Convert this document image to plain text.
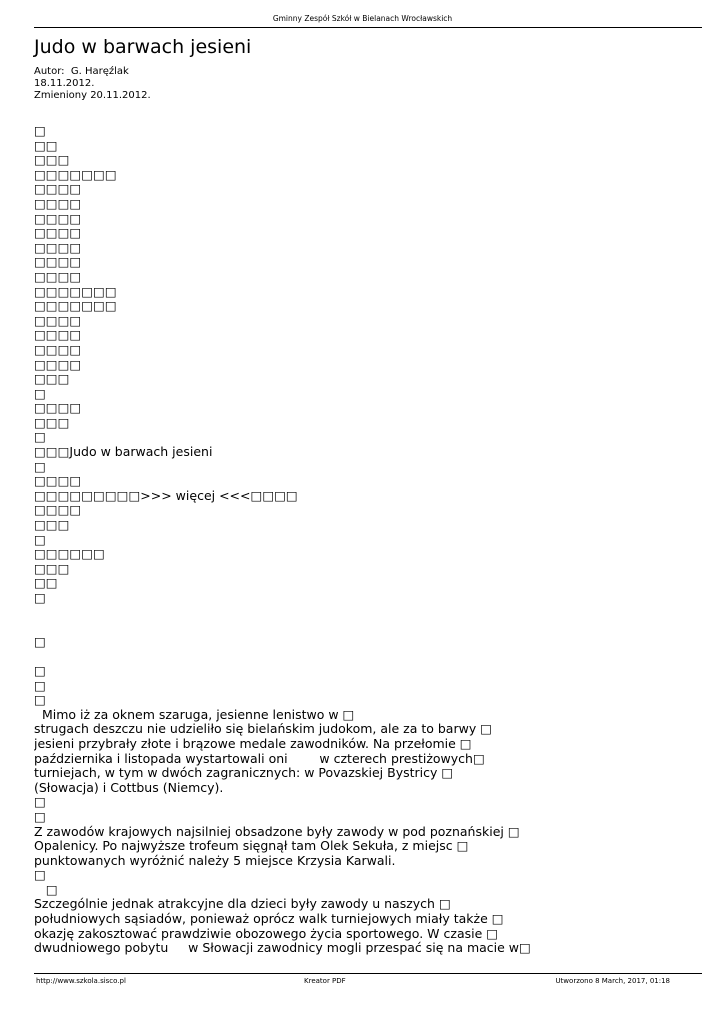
Gminny Zespół Szkół w Bielanach Wrocławskich
Judo w barwach jesieni
Autor:  G. Haręźlak
18.11.2012.
Zmieniony 20.11.2012.
□
□□
□□□
□□□□□□□
□□□□
□□□□
□□□□
□□□□
□□□□
□□□□
□□□□
□□□□□□□
□□□□□□□
□□□□
□□□□
□□□□
□□□□
□□□
□
□□□□
□□□
□
□□□Judo w barwach jesieni
□
□□□□
□□□□□□□□□>>> więcej <<<□□□□
□□□□
□□□
□
□□□□□□
□□□
□□
□
□
□
□
□
Mimo iż za oknem szaruga, jesienne lenistwo w □
strugach deszczu nie udzieliło się bielańskim judokom, ale za to barwy □
jesieni przybrały złote i brązowe medale zawodników. Na przełomie □
października i listopada wystartowali oni        w czterech prestiżowych□
turniejach, w tym w dwóch zagranicznych: w Povazskiej Bystricy □
(Słowacja) i Cottbus (Niemcy).
□
□
Z zawodów krajowych najsilniej obsadzone były zawody w pod poznańskiej □
Opalenicy. Po najwyższe trofeum sięgnął tam Olek Sekuła, z miejsc □
punktowanych wyróżnić należy 5 miejsce Krzysia Karwali.
□
□
Szczególnie jednak atrakcyjne dla dzieci były zawody u naszych □
południowych sąsiadów, ponieważ oprócz walk turniejowych miały także □
okazję zakosztować prawdziwie obozowego życia sportowego. W czasie □
dwudniowego pobytu     w Słowacji zawodnicy mogli przespać się na macie w□
http://www.szkola.sisco.pl	Kreator PDF	Utworzono 8 March, 2017, 01:18
